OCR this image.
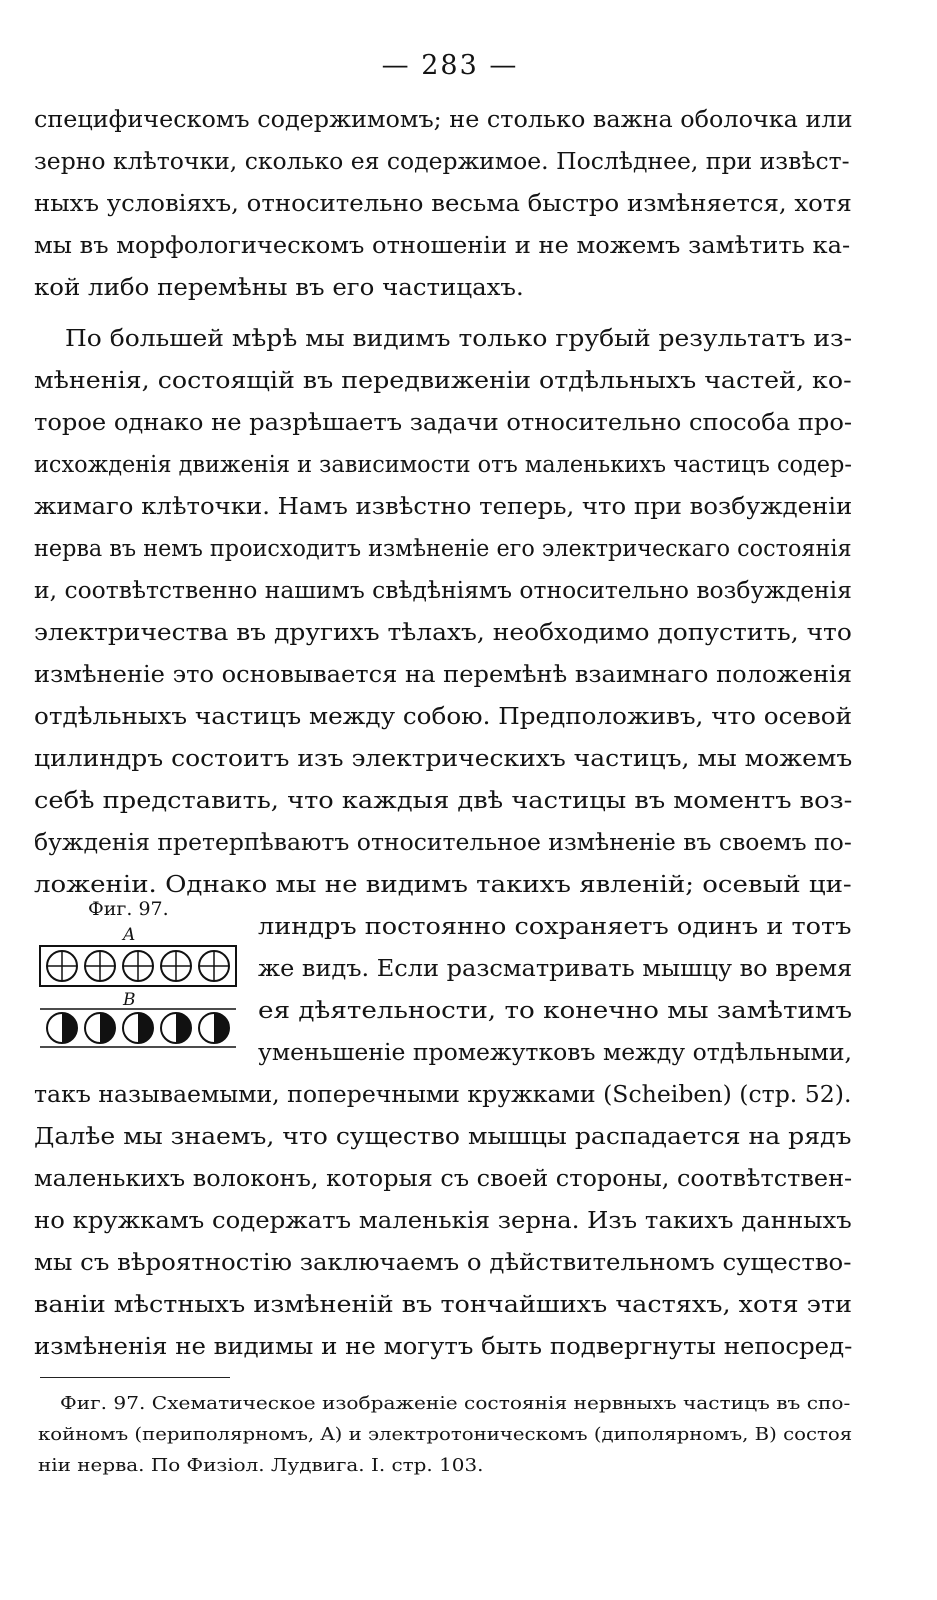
— 283 —
специфическомъ содержимомъ; не столько важна оболочка или
зерно клѣточки, сколько ея содержимое. Послѣднее, при извѣст-
ныхъ условіяхъ, относительно весьма быстро измѣняется, хотя
мы въ морфологическомъ отношеніи и не можемъ замѣтить ка-
кой либо перемѣны въ его частицахъ.
По большей мѣрѣ мы видимъ только грубый результатъ из-
мѣненія, состоящій въ передвиженіи отдѣльныхъ частей, ко-
торое однако не разрѣшаетъ задачи относительно способа про-
исхожденія движенія и зависимости отъ маленькихъ частицъ содер-
жимаго клѣточки. Намъ извѣстно теперь, что при возбужденіи
нерва въ немъ происходитъ измѣненіе его электрическаго состоянія
и, соотвѣтственно нашимъ свѣдѣніямъ относительно возбужденія
электричества въ другихъ тѣлахъ, необходимо допустить, что
измѣненіе это основывается на перемѣнѣ взаимнаго положенія
отдѣльныхъ частицъ между собою. Предположивъ, что осевой
цилиндръ состоитъ изъ электрическихъ частицъ, мы можемъ
себѣ представить, что каждыя двѣ частицы въ моментъ воз-
бужденія претерпѣваютъ относительное измѣненіе въ своемъ по-
ложеніи. Однако мы не видимъ такихъ явленій; осевый ци-
линдръ постоянно сохраняетъ одинъ и тотъ
же видъ. Если разсматривать мышцу во время
ея дѣятельности, то конечно мы замѣтимъ
уменьшеніе промежутковъ между отдѣльными,
такъ называемыми, поперечными кружками (Scheiben) (стр. 52).
Далѣе мы знаемъ, что существо мышцы распадается на рядъ
маленькихъ волоконъ, которыя съ своей стороны, соотвѣтствен-
но кружкамъ содержатъ маленькія зерна. Изъ такихъ данныхъ
мы съ вѣроятностію заключаемъ о дѣйствительномъ существо-
ваніи мѣстныхъ измѣненій въ тончайшихъ частяхъ, хотя эти
измѣненія не видимы и не могутъ быть подвергнуты непосред-
Фиг. 97.
A
B
Фиг. 97. Схематическое изображеніе состоянія нервныхъ частицъ въ спо-
койномъ (периполярномъ, A) и электротоническомъ (диполярномъ, B) состоя
ніи нерва. По Физіол. Лудвига. I. стр. 103.
